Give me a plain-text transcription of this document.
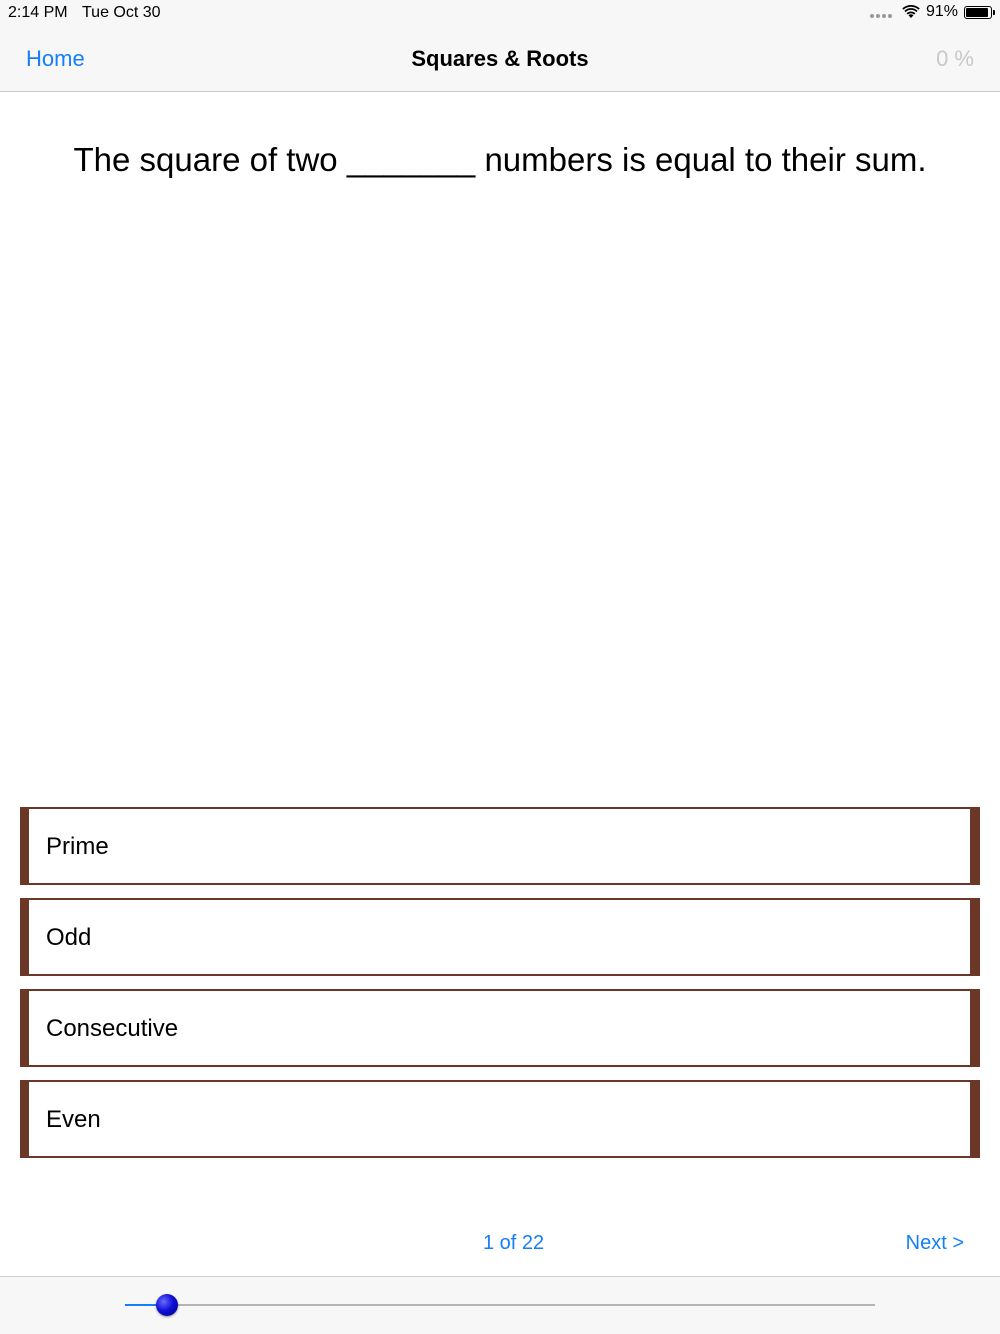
2:14 PM Tue Oct 30	91%
Home	Squares & Roots	0 %
The square of two _______ numbers is equal to their sum.
Prime
Odd
Consecutive
Even
1 of 22	Next >
